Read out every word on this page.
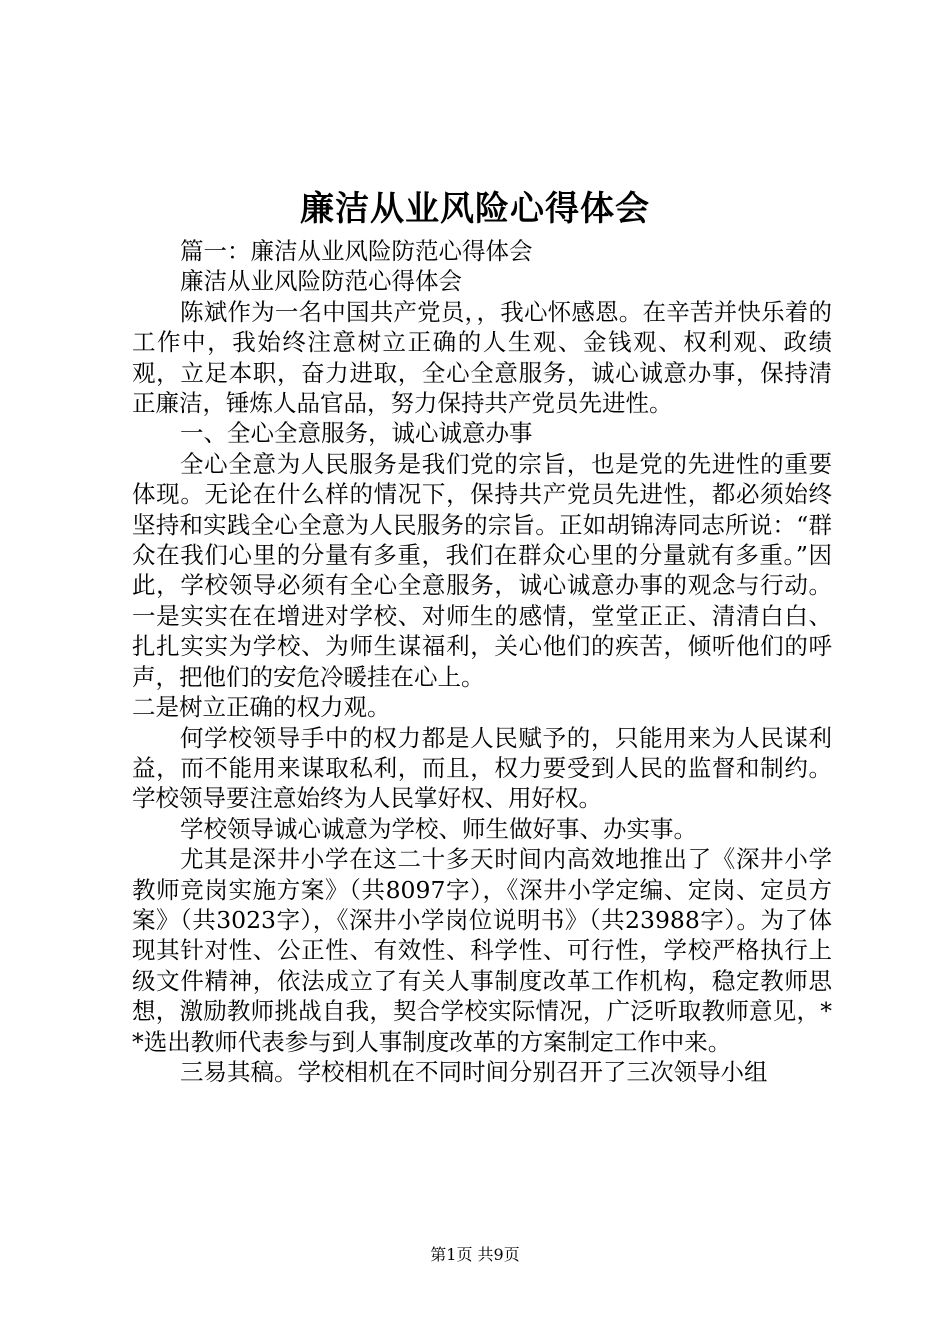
廉洁从业风险心得体会

篇一：廉洁从业风险防范心得体会

廉洁从业风险防范心得体会

陈斌作为一名中国共产党员，，我心怀感恩。在辛苦并快乐着的工作中，我始终注意树立正确的人生观、金钱观、权利观、政绩观，立足本职，奋力进取，全心全意服务，诚心诚意办事，保持清正廉洁，锤炼人品官品，努力保持共产党员先进性。

一、全心全意服务，诚心诚意办事

全心全意为人民服务是我们党的宗旨，也是党的先进性的重要体现。无论在什么样的情况下，保持共产党员先进性，都必须始终坚持和实践全心全意为人民服务的宗旨。正如胡锦涛同志所说：“群众在我们心里的分量有多重，我们在群众心里的分量就有多重。”因此，学校领导必须有全心全意服务，诚心诚意办事的观念与行动。一是实实在在增进对学校、对师生的感情，堂堂正正、清清白白、扎扎实实为学校、为师生谋福利，关心他们的疾苦，倾听他们的呼声，把他们的安危冷暖挂在心上。

二是树立正确的权力观。

何学校领导手中的权力都是人民赋予的，只能用来为人民谋利益，而不能用来谋取私利，而且，权力要受到人民的监督和制约。学校领导要注意始终为人民掌好权、用好权。

学校领导诚心诚意为学校、师生做好事、办实事。

尤其是深井小学在这二十多天时间内高效地推出了《深井小学教师竞岗实施方案》（共8097字），《深井小学定编、定岗、定员方案》（共3023字），《深井小学岗位说明书》（共23988字）。为了体现其针对性、公正性、有效性、科学性、可行性，学校严格执行上级文件精神，依法成立了有关人事制度改革工作机构，稳定教师思想，激励教师挑战自我，契合学校实际情况，广泛听取教师意见，**选出教师代表参与到人事制度改革的方案制定工作中来。

三易其稿。学校相机在不同时间分别召开了三次领导小组

第1页 共9页
